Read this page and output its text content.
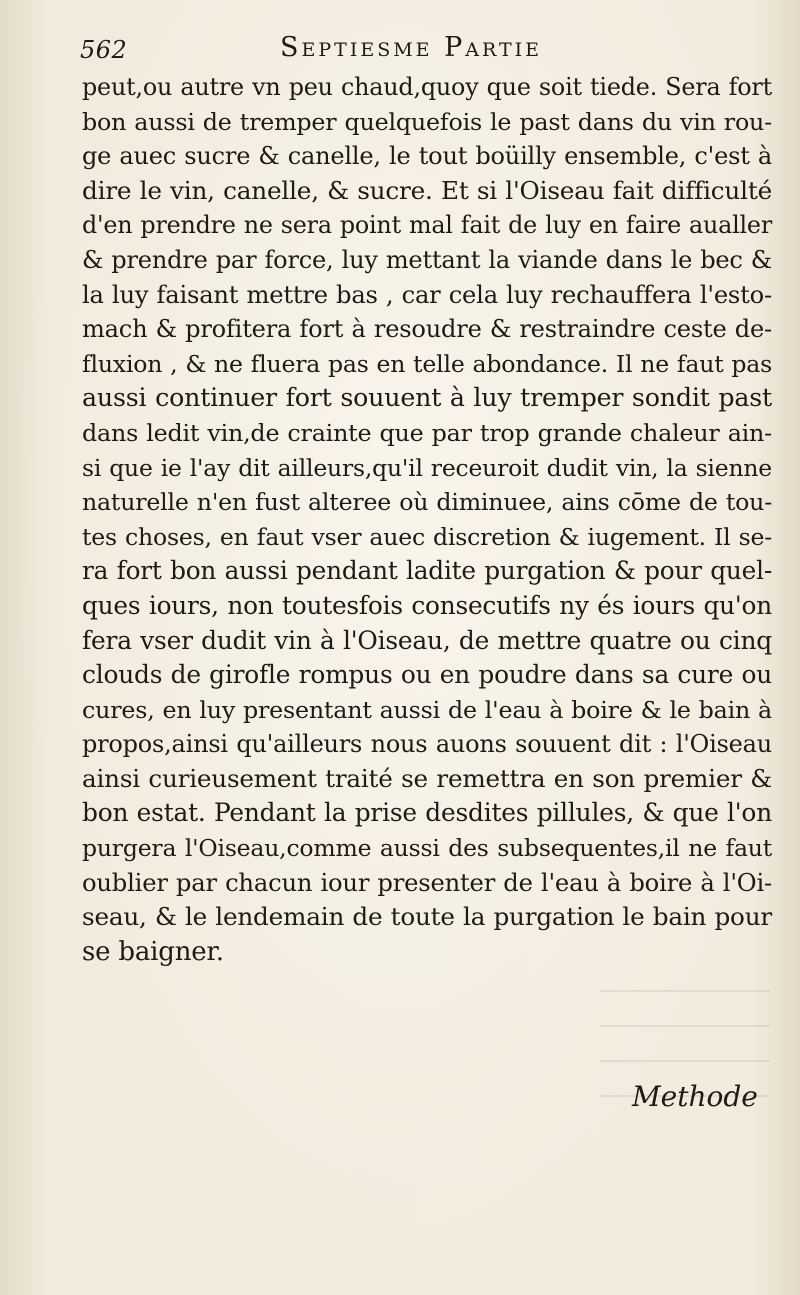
562	Septiesme Partie
peut,ou autre vn peu chaud,quoy que soit tiede. Sera fort
bon aussi de tremper quelquefois le past dans du vin rou-
ge auec sucre & canelle, le tout boüilly ensemble, c'est à
dire le vin, canelle, & sucre. Et si l'Oiseau fait difficulté
d'en prendre ne sera point mal fait de luy en faire aualler
& prendre par force, luy mettant la viande dans le bec &
la luy faisant mettre bas , car cela luy rechauffera l'esto-
mach & profitera fort à resoudre & restraindre ceste de-
fluxion , & ne fluera pas en telle abondance. Il ne faut pas
aussi continuer fort souuent à luy tremper sondit past
dans ledit vin,de crainte que par trop grande chaleur ain-
si que ie l'ay dit ailleurs,qu'il receuroit dudit vin, la sienne
naturelle n'en fust alteree où diminuee, ains cōme de tou-
tes choses, en faut vser auec discretion & iugement. Il se-
ra fort bon aussi pendant ladite purgation & pour quel-
ques iours, non toutesfois consecutifs ny és iours qu'on
fera vser dudit vin à l'Oiseau, de mettre quatre ou cinq
clouds de girofle rompus ou en poudre dans sa cure ou
cures, en luy presentant aussi de l'eau à boire & le bain à
propos,ainsi qu'ailleurs nous auons souuent dit : l'Oiseau
ainsi curieusement traité se remettra en son premier &
bon estat. Pendant la prise desdites pillules, & que l'on
purgera l'Oiseau,comme aussi des subsequentes,il ne faut
oublier par chacun iour presenter de l'eau à boire à l'Oi-
seau, & le lendemain de toute la purgation le bain pour
se baigner.
Methode
